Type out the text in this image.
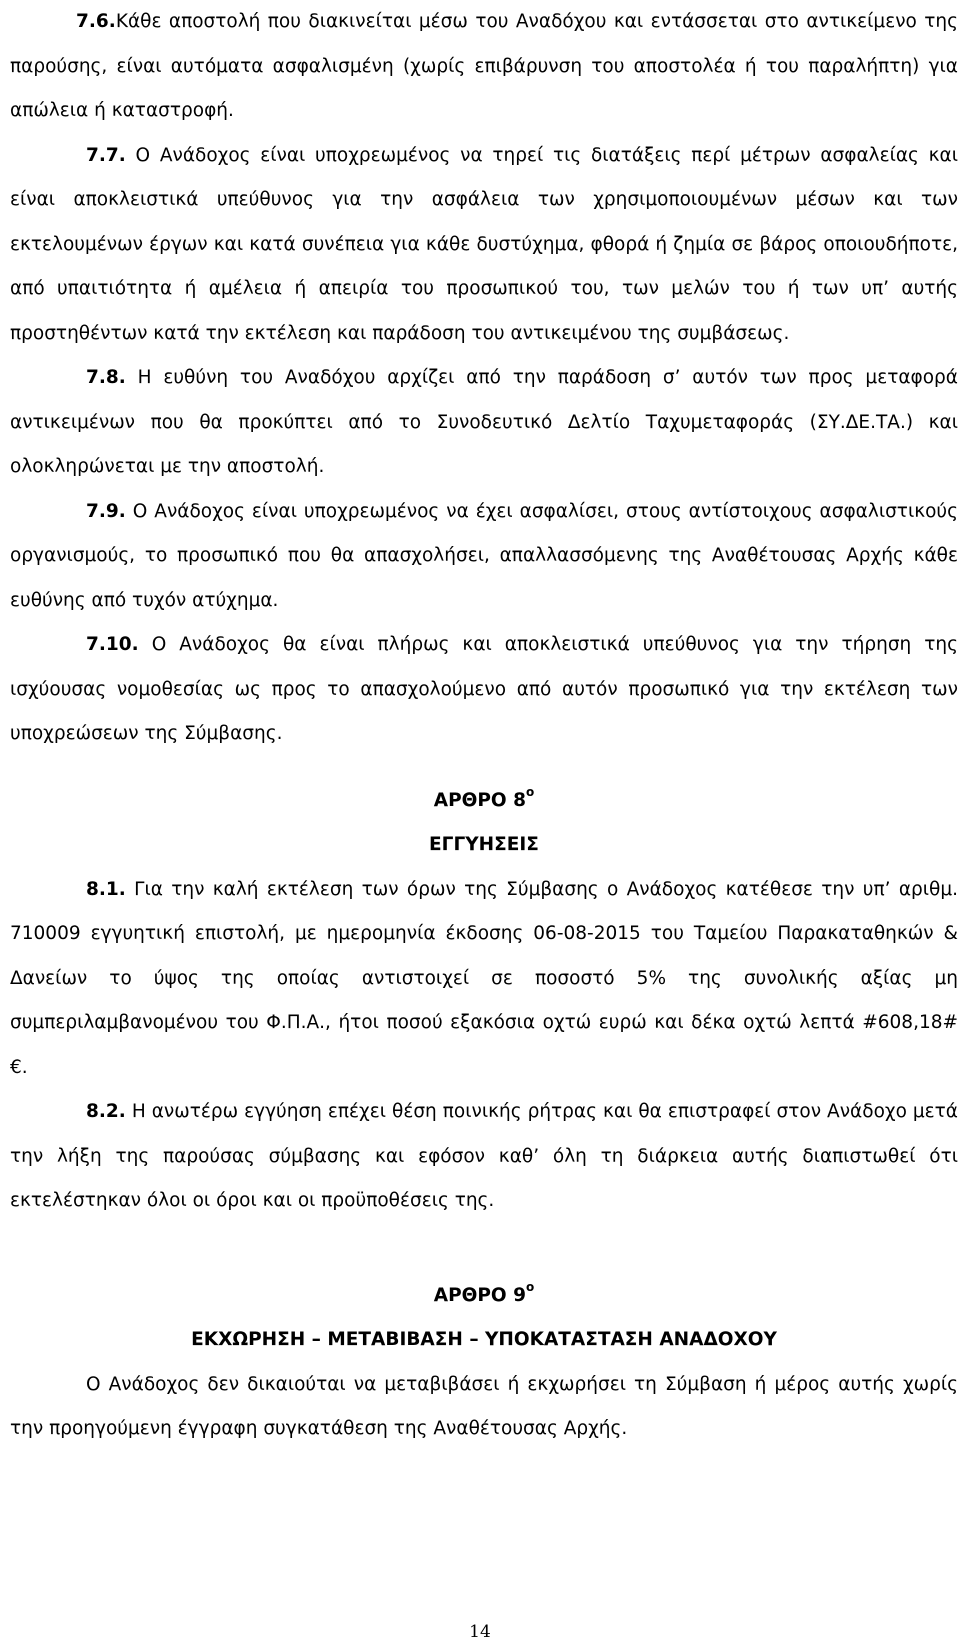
7.6.Κάθε αποστολή που διακινείται μέσω του Αναδόχου και εντάσσεται στο αντικείμενο της παρούσης, είναι αυτόματα ασφαλισμένη (χωρίς επιβάρυνση του αποστολέα ή του παραλήπτη) για απώλεια ή καταστροφή.

7.7. Ο Ανάδοχος είναι υποχρεωμένος να τηρεί τις διατάξεις περί μέτρων ασφαλείας και είναι αποκλειστικά υπεύθυνος για την ασφάλεια των χρησιμοποιουμένων μέσων και των εκτελουμένων έργων και κατά συνέπεια για κάθε δυστύχημα, φθορά ή ζημία σε βάρος οποιουδήποτε, από υπαιτιότητα ή αμέλεια ή απειρία του προσωπικού του, των μελών του ή των υπ’ αυτής προστηθέντων κατά την εκτέλεση και παράδοση του αντικειμένου της συμβάσεως.

7.8. Η ευθύνη του Αναδόχου αρχίζει από την παράδοση σ’ αυτόν των προς μεταφορά αντικειμένων που θα προκύπτει από το Συνοδευτικό Δελτίο Ταχυμεταφοράς (ΣΥ.ΔΕ.ΤΑ.) και ολοκληρώνεται με την αποστολή.

7.9. Ο Ανάδοχος είναι υποχρεωμένος να έχει ασφαλίσει, στους αντίστοιχους ασφαλιστικούς οργανισμούς, το προσωπικό που θα απασχολήσει, απαλλασσόμενης της Αναθέτουσας Αρχής κάθε ευθύνης από τυχόν ατύχημα.

7.10. Ο Ανάδοχος θα είναι πλήρως και αποκλειστικά υπεύθυνος για την τήρηση της ισχύουσας νομοθεσίας ως προς το απασχολούμενο από αυτόν προσωπικό για την εκτέλεση των υποχρεώσεων της Σύμβασης.

ΑΡΘΡΟ $8^o$

ΕΓΓΥΗΣΕΙΣ

8.1. Για την καλή εκτέλεση των όρων της Σύμβασης ο Ανάδοχος κατέθεσε την υπ’ αριθμ. 710009 εγγυητική επιστολή, με ημερομηνία έκδοσης 06-08-2015 του Ταμείου Παρακαταθηκών & Δανείων το ύψος της οποίας αντιστοιχεί σε ποσοστό 5% της συνολικής αξίας μη συμπεριλαμβανομένου του Φ.Π.Α., ήτοι ποσού εξακόσια οχτώ ευρώ και δέκα οχτώ λεπτά #608,18# €.

8.2. Η ανωτέρω εγγύηση επέχει θέση ποινικής ρήτρας και θα επιστραφεί στον Ανάδοχο μετά την λήξη της παρούσας σύμβασης και εφόσον καθ’ όλη τη διάρκεια αυτής διαπιστωθεί ότι εκτελέστηκαν όλοι οι όροι και οι προϋποθέσεις της.

ΑΡΘΡΟ $9^o$

ΕΚΧΩΡΗΣΗ – ΜΕΤΑΒΙΒΑΣΗ – ΥΠΟΚΑΤΑΣΤΑΣΗ ΑΝΑΔΟΧΟΥ

Ο Ανάδοχος δεν δικαιούται να μεταβιβάσει ή εκχωρήσει τη Σύμβαση ή μέρος αυτής χωρίς την προηγούμενη έγγραφη συγκατάθεση της Αναθέτουσας Αρχής.

14
